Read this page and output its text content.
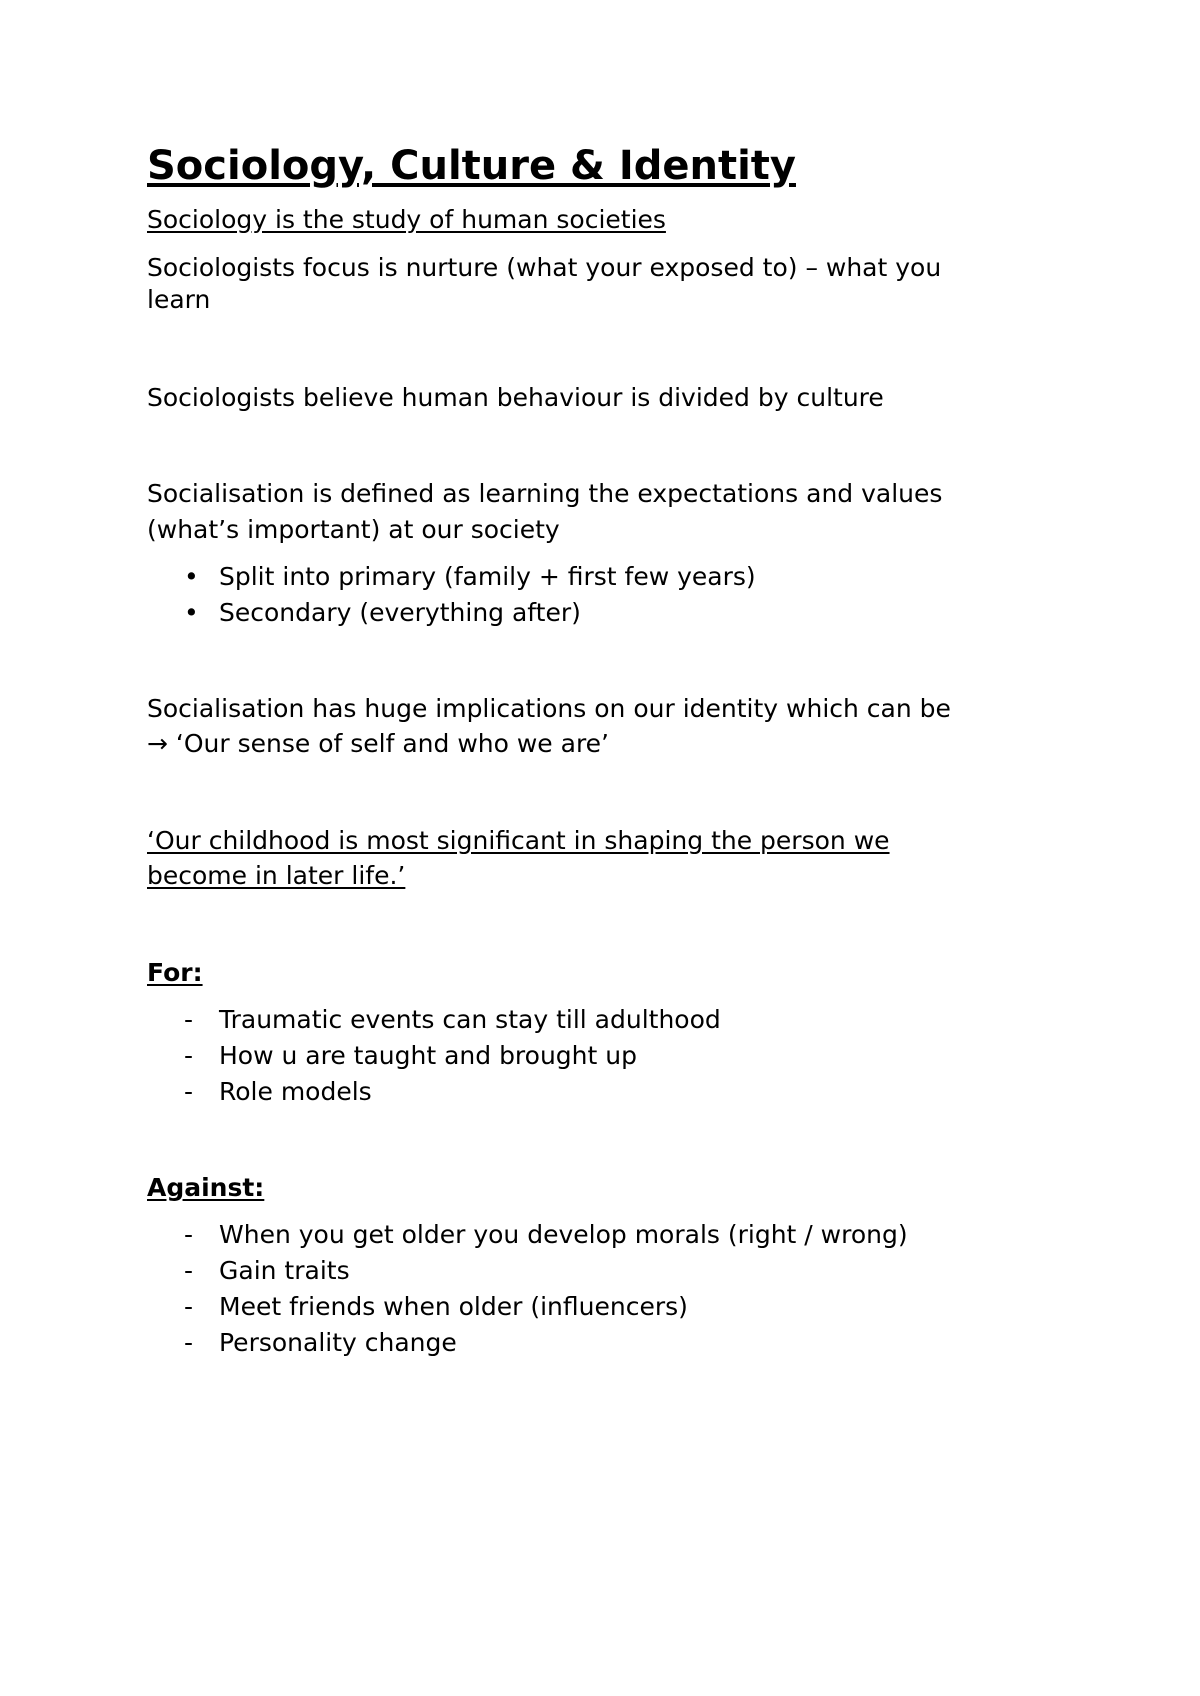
Sociology, Culture & Identity
Sociology is the study of human societies
Sociologists focus is nurture (what your exposed to) – what you
learn
Sociologists believe human behaviour is divided by culture
Socialisation is defined as learning the expectations and values
(what’s important) at our society
• Split into primary (family + first few years)
• Secondary (everything after)
Socialisation has huge implications on our identity which can be
→ ‘Our sense of self and who we are’
‘Our childhood is most significant in shaping the person we
become in later life.’
For:
- Traumatic events can stay till adulthood
- How u are taught and brought up
- Role models
Against:
- When you get older you develop morals (right / wrong)
- Gain traits
- Meet friends when older (influencers)
- Personality change
